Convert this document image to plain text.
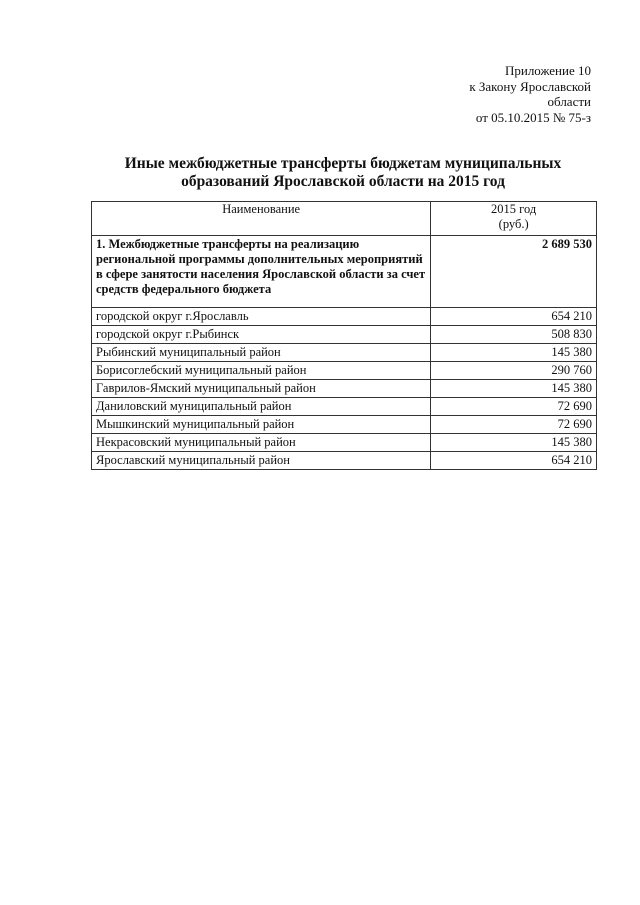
Приложение 10
к Закону Ярославской
области
от 05.10.2015 № 75-з
Иные межбюджетные трансферты бюджетам муниципальных
образований Ярославской области на 2015 год
Наименование	2015 год
(руб.)

1. Межбюджетные трансферты на реализацию региональной программы дополнительных мероприятий в сфере занятости населения Ярославской области за счет средств федерального бюджета	2 689 530
городской округ г.Ярославль	654 210
городской округ г.Рыбинск	508 830
Рыбинский муниципальный район	145 380
Борисоглебский муниципальный район	290 760
Гаврилов-Ямский муниципальный район	145 380
Даниловский муниципальный район	72 690
Мышкинский муниципальный район	72 690
Некрасовский муниципальный район	145 380
Ярославский муниципальный район	654 210
